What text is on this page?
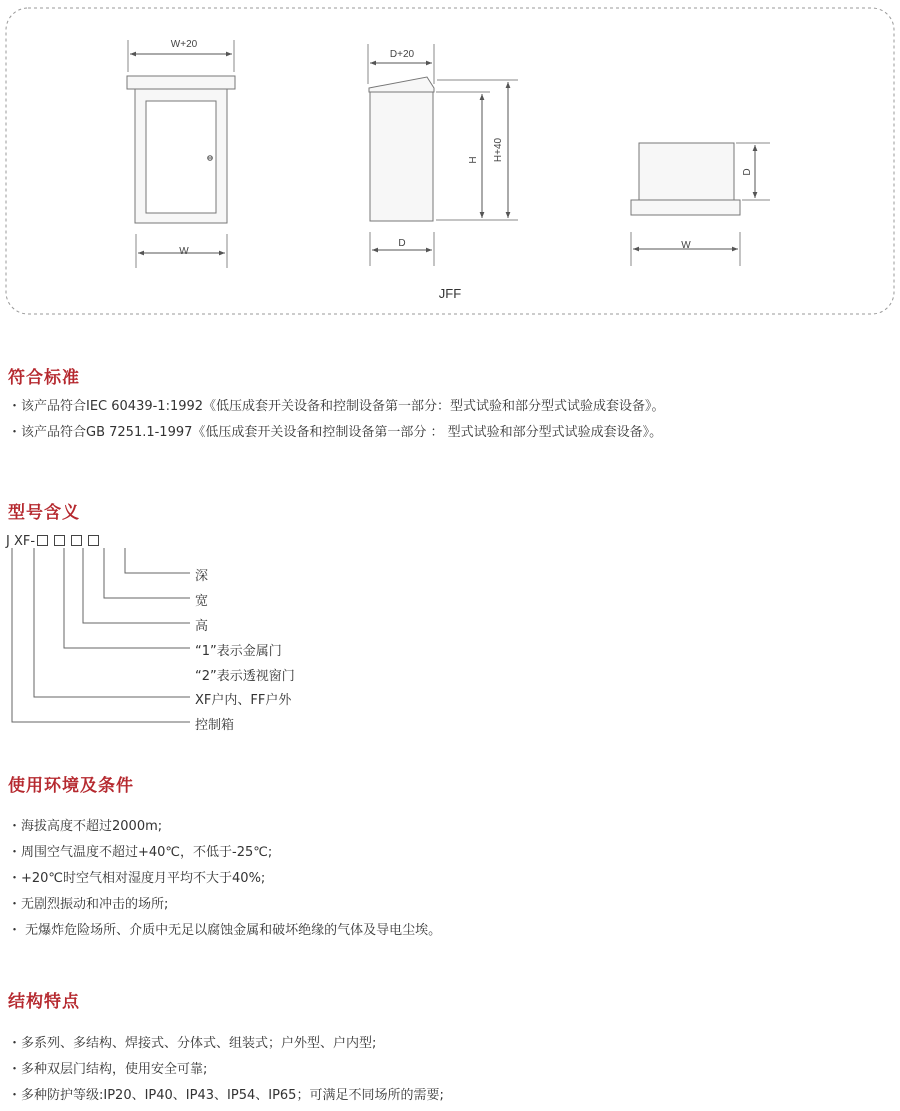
W+20
W
D+20
H H+40
D
D
W
JFF
符合标准
・该产品符合IEC 60439-1:1992《低压成套开关设备和控制设备第一部分：型式试验和部分型式试验成套设备》。
・该产品符合GB 7251.1-1997《低压成套开关设备和控制设备第一部分 ： 型式试验和部分型式试验成套设备》。
型号含义
J XF-
深
宽
高
“1”表示金属门
“2”表示透视窗门
XF户内、FF户外
控制箱
使用环境及条件
・海拔高度不超过2000m;
・周围空气温度不超过+40℃，不低于-25℃;
・+20℃时空气相对湿度月平均不大于40%;
・无剧烈振动和冲击的场所;
・ 无爆炸危险场所、介质中无足以腐蚀金属和破坏绝缘的气体及导电尘埃。
结构特点
・多系列、多结构、焊接式、分体式、组装式；户外型、户内型;
・多种双层门结构，使用安全可靠;
・多种防护等级:IP20、IP40、IP43、IP54、IP65；可满足不同场所的需要;
